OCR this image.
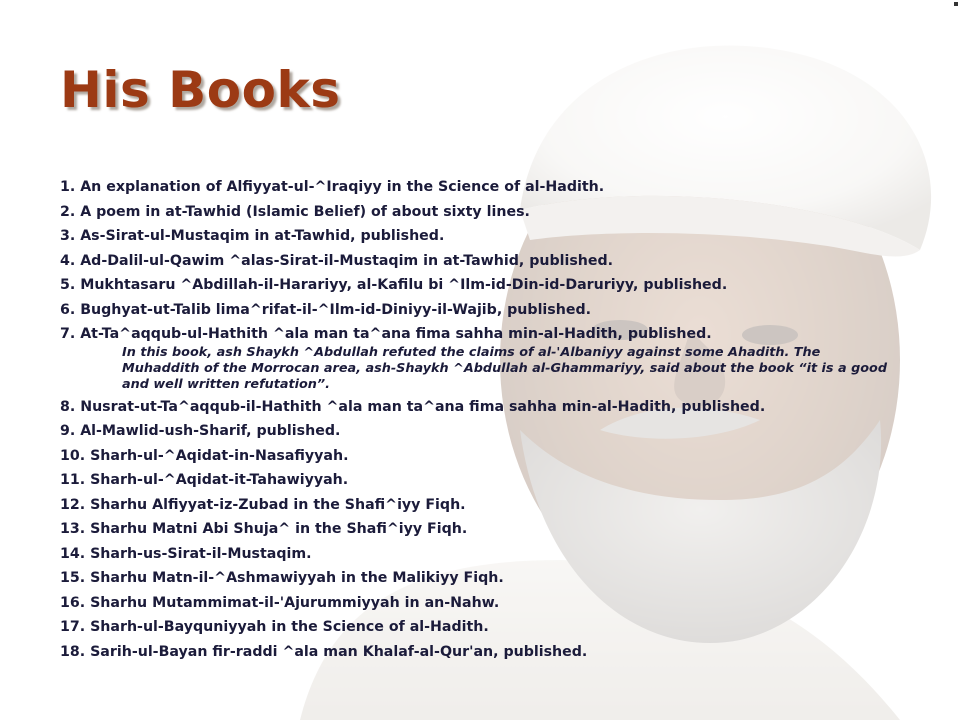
His Books
1. An explanation of Alfiyyat-ul-^Iraqiyy in the Science of al-Hadith.
2. A poem in at-Tawhid (Islamic Belief) of about sixty lines.
3. As-Sirat-ul-Mustaqim in at-Tawhid, published.
4. Ad-Dalil-ul-Qawim ^alas-Sirat-il-Mustaqim in at-Tawhid, published.
5. Mukhtasaru ^Abdillah-il-Harariyy, al-Kafilu bi ^Ilm-id-Din-id-Daruriyy, published.
6. Bughyat-ut-Talib lima^rifat-il-^Ilm-id-Diniyy-il-Wajib, published.
7. At-Ta^aqqub-ul-Hathith ^ala man ta^ana fima sahha min-al-Hadith, published.
In this book, ash Shaykh ^Abdullah refuted the claims of al-'Albaniyy against some Ahadith. The Muhaddith of the Morrocan area, ash-Shaykh ^Abdullah al-Ghammariyy, said about the book “it is a good and well written refutation”.
8. Nusrat-ut-Ta^aqqub-il-Hathith ^ala man ta^ana fima sahha min-al-Hadith, published.
9. Al-Mawlid-ush-Sharif, published.
10. Sharh-ul-^Aqidat-in-Nasafiyyah.
11. Sharh-ul-^Aqidat-it-Tahawiyyah.
12. Sharhu Alfiyyat-iz-Zubad in the Shafi^iyy Fiqh.
13. Sharhu Matni Abi Shuja^ in the Shafi^iyy Fiqh.
14. Sharh-us-Sirat-il-Mustaqim.
15. Sharhu Matn-il-^Ashmawiyyah in the Malikiyy Fiqh.
16. Sharhu Mutammimat-il-'Ajurummiyyah in an-Nahw.
17. Sharh-ul-Bayquniyyah in the Science of al-Hadith.
18. Sarih-ul-Bayan fir-raddi ^ala man Khalaf-al-Qur'an, published.
